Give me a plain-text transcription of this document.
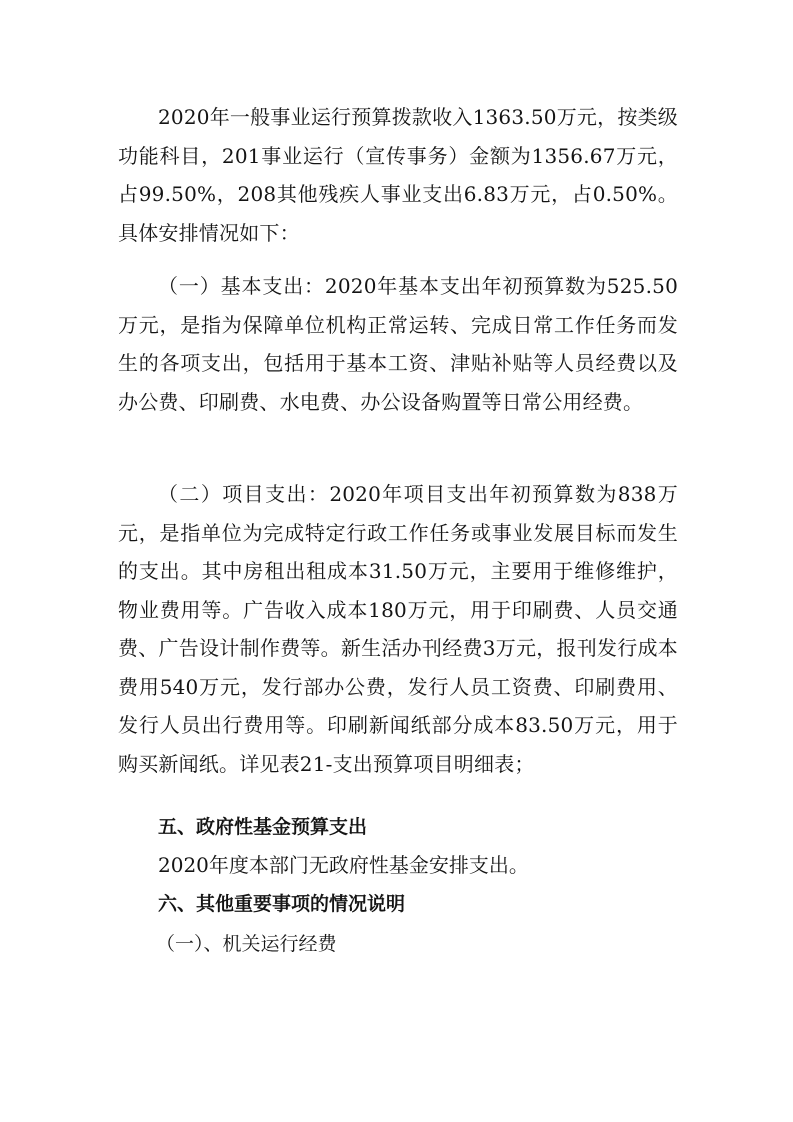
2020年一般事业运行预算拨款收入1363.50万元，按类级功能科目，201事业运行（宣传事务）金额为1356.67万元，占99.50%，208其他残疾人事业支出6.83万元，占0.50%。具体安排情况如下：

（一）基本支出：2020年基本支出年初预算数为525.50万元，是指为保障单位机构正常运转、完成日常工作任务而发生的各项支出，包括用于基本工资、津贴补贴等人员经费以及办公费、印刷费、水电费、办公设备购置等日常公用经费。

（二）项目支出：2020年项目支出年初预算数为838万元，是指单位为完成特定行政工作任务或事业发展目标而发生的支出。其中房租出租成本31.50万元，主要用于维修维护，物业费用等。广告收入成本180万元，用于印刷费、人员交通费、广告设计制作费等。新生活办刊经费3万元，报刊发行成本费用540万元，发行部办公费，发行人员工资费、印刷费用、发行人员出行费用等。印刷新闻纸部分成本83.50万元，用于购买新闻纸。详见表21-支出预算项目明细表；

五、政府性基金预算支出

2020年度本部门无政府性基金安排支出。

六、其他重要事项的情况说明

（一）、机关运行经费
